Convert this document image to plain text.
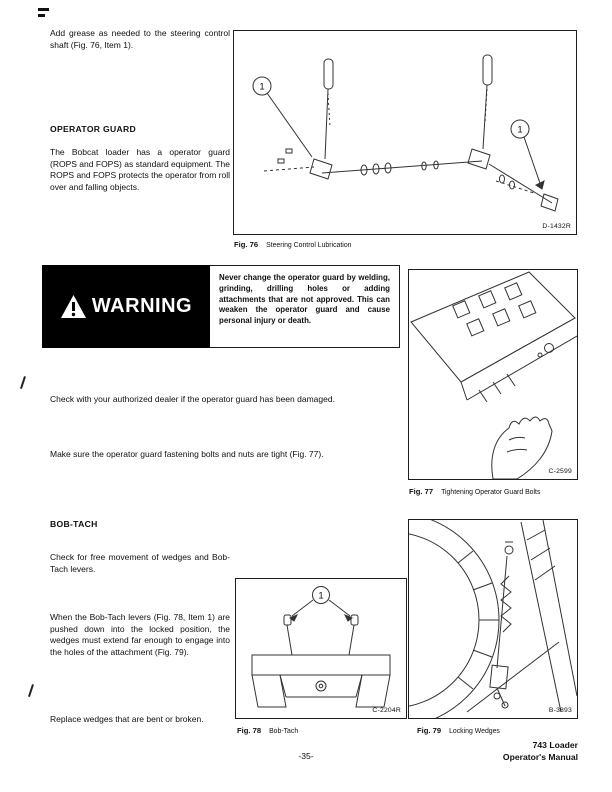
Add grease as needed to the steering control shaft (Fig. 76, Item 1).
OPERATOR GUARD
The Bobcat loader has a operator guard (ROPS and FOPS) as standard equipment. The ROPS and FOPS protects the operator from roll over and falling objects.
1
1
D-1432R
Fig. 76 Steering Control Lubrication
WARNING
Never change the operator guard by welding, grinding, drilling holes or adding attachments that are not approved. This can weaken the operator guard and cause personal injury or death.
Check with your authorized dealer if the operator guard has been damaged.
Make sure the operator guard fastening bolts and nuts are tight (Fig. 77).
C-2599
Fig. 77 Tightening Operator Guard Bolts
BOB-TACH
Check for free movement of wedges and Bob-Tach levers.
When the Bob-Tach levers (Fig. 78, Item 1) are pushed down into the locked position, the wedges must extend far enough to engage into the holes of the attachment (Fig. 79).
Replace wedges that are bent or broken.
1
C-2204R
Fig. 78 Bob-Tach
B-3893
Fig. 79 Locking Wedges
-35-
743 Loader
Operator's Manual
